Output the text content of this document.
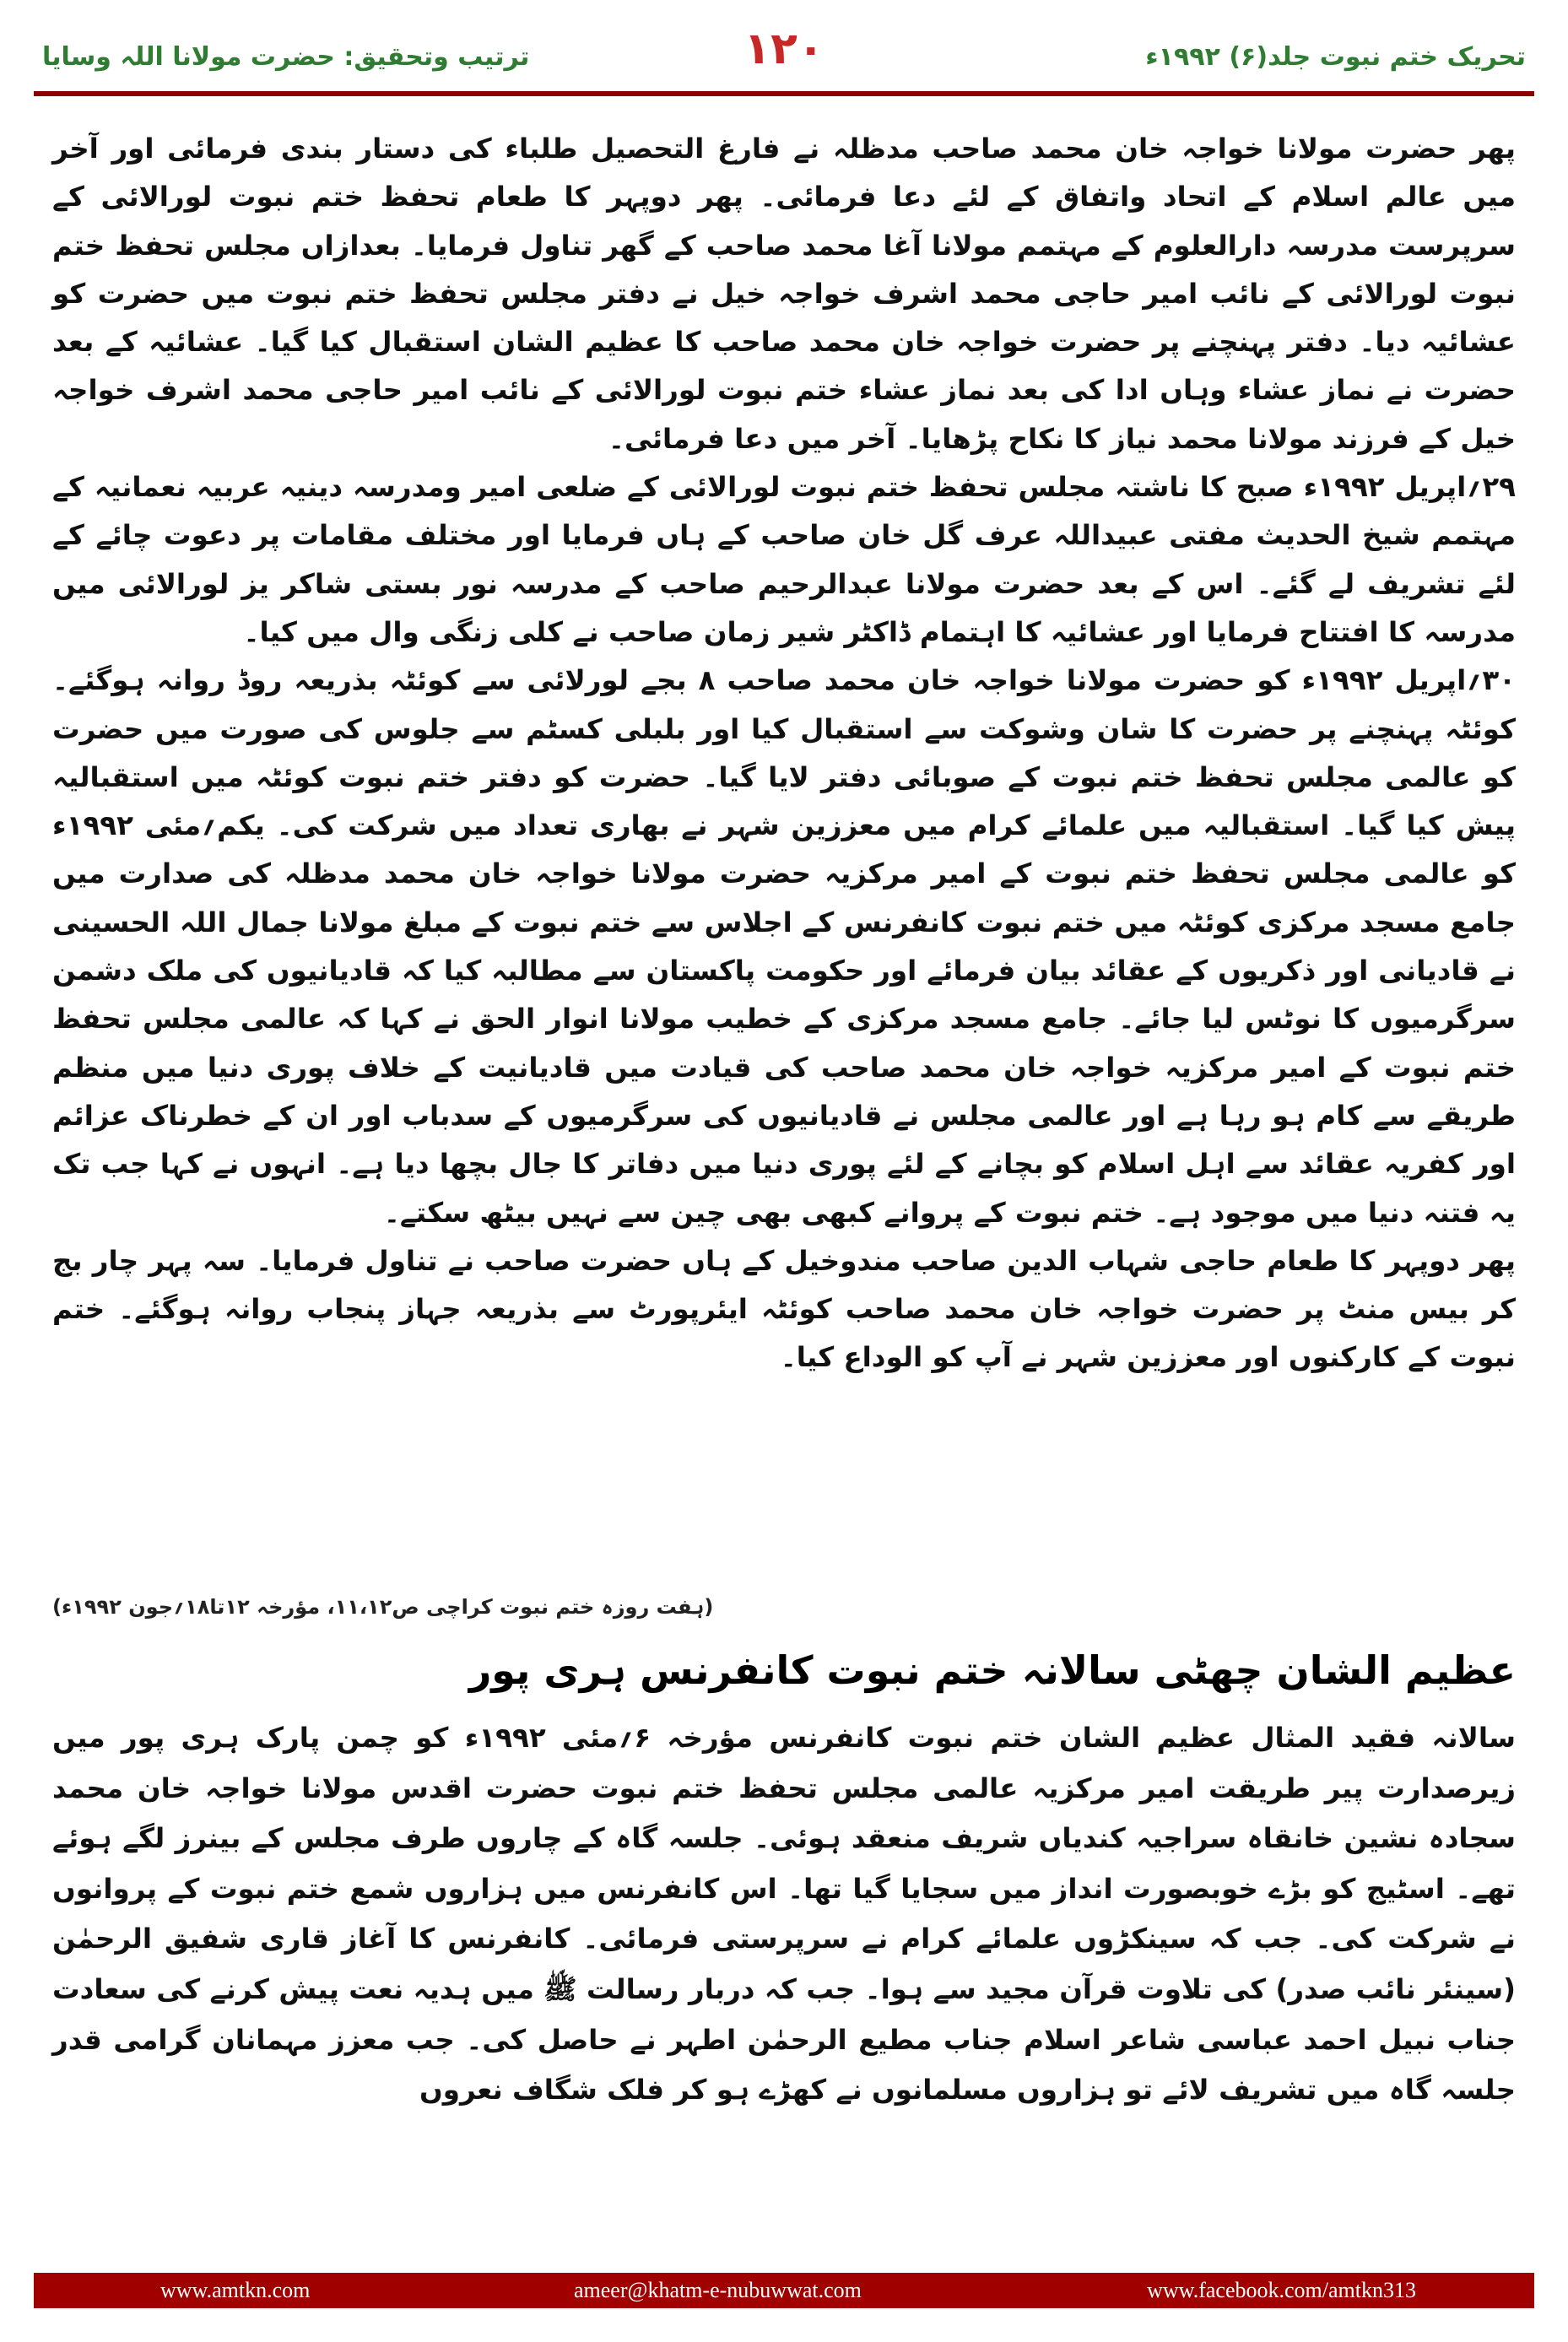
ترتیب وتحقیق: حضرت مولانا اللہ وسایا	۱۲۰	تحریک ختم نبوت جلد(۶) ۱۹۹۲ء

پھر حضرت مولانا خواجہ خان محمد صاحب مدظلہ نے فارغ التحصیل طلباء کی دستار بندی فرمائی اور آخر میں عالم اسلام کے اتحاد واتفاق کے لئے دعا فرمائی۔ پھر دوپہر کا طعام تحفظ ختم نبوت لورالائی کے سرپرست مدرسہ دارالعلوم کے مہتمم مولانا آغا محمد صاحب کے گھر تناول فرمایا۔ بعدازاں مجلس تحفظ ختم نبوت لورالائی کے نائب امیر حاجی محمد اشرف خواجہ خیل نے دفتر مجلس تحفظ ختم نبوت میں حضرت کو عشائیہ دیا۔ دفتر پہنچنے پر حضرت خواجہ خان محمد صاحب کا عظیم الشان استقبال کیا گیا۔ عشائیہ کے بعد حضرت نے نماز عشاء وہاں ادا کی بعد نماز عشاء ختم نبوت لورالائی کے نائب امیر حاجی محمد اشرف خواجہ خیل کے فرزند مولانا محمد نیاز کا نکاح پڑھایا۔ آخر میں دعا فرمائی۔

۲۹؍اپریل ۱۹۹۲ء صبح کا ناشتہ مجلس تحفظ ختم نبوت لورالائی کے ضلعی امیر ومدرسہ دینیہ عربیہ نعمانیہ کے مہتمم شیخ الحدیث مفتی عبیداللہ عرف گل خان صاحب کے ہاں فرمایا اور مختلف مقامات پر دعوت چائے کے لئے تشریف لے گئے۔ اس کے بعد حضرت مولانا عبدالرحیم صاحب کے مدرسہ نور بستی شاکر یز لورالائی میں مدرسہ کا افتتاح فرمایا اور عشائیہ کا اہتمام ڈاکٹر شیر زمان صاحب نے کلی زنگی وال میں کیا۔

۳۰؍اپریل ۱۹۹۲ء کو حضرت مولانا خواجہ خان محمد صاحب ۸ بجے لورلائی سے کوئٹہ بذریعہ روڈ روانہ ہوگئے۔ کوئٹہ پہنچنے پر حضرت کا شان وشوکت سے استقبال کیا اور بلبلی کسٹم سے جلوس کی صورت میں حضرت کو عالمی مجلس تحفظ ختم نبوت کے صوبائی دفتر لایا گیا۔ حضرت کو دفتر ختم نبوت کوئٹہ میں استقبالیہ پیش کیا گیا۔ استقبالیہ میں علمائے کرام میں معززین شہر نے بھاری تعداد میں شرکت کی۔ یکم؍مئی ۱۹۹۲ء کو عالمی مجلس تحفظ ختم نبوت کے امیر مرکزیہ حضرت مولانا خواجہ خان محمد مدظلہ کی صدارت میں جامع مسجد مرکزی کوئٹہ میں ختم نبوت کانفرنس کے اجلاس سے ختم نبوت کے مبلغ مولانا جمال اللہ الحسینی نے قادیانی اور ذکریوں کے عقائد بیان فرمائے اور حکومت پاکستان سے مطالبہ کیا کہ قادیانیوں کی ملک دشمن سرگرمیوں کا نوٹس لیا جائے۔ جامع مسجد مرکزی کے خطیب مولانا انوار الحق نے کہا کہ عالمی مجلس تحفظ ختم نبوت کے امیر مرکزیہ خواجہ خان محمد صاحب کی قیادت میں قادیانیت کے خلاف پوری دنیا میں منظم طریقے سے کام ہو رہا ہے اور عالمی مجلس نے قادیانیوں کی سرگرمیوں کے سدباب اور ان کے خطرناک عزائم اور کفریہ عقائد سے اہل اسلام کو بچانے کے لئے پوری دنیا میں دفاتر کا جال بچھا دیا ہے۔ انہوں نے کہا جب تک یہ فتنہ دنیا میں موجود ہے۔ ختم نبوت کے پروانے کبھی بھی چین سے نہیں بیٹھ سکتے۔

پھر دوپہر کا طعام حاجی شہاب الدین صاحب مندوخیل کے ہاں حضرت صاحب نے تناول فرمایا۔ سہ پہر چار بج کر بیس منٹ پر حضرت خواجہ خان محمد صاحب کوئٹہ ایئرپورٹ سے بذریعہ جہاز پنجاب روانہ ہوگئے۔ ختم نبوت کے کارکنوں اور معززین شہر نے آپ کو الوداع کیا۔

(ہفت روزہ ختم نبوت کراچی ص۱۱،۱۲، مؤرخہ ۱۲تا۱۸؍جون ۱۹۹۲ء)
عظیم الشان چھٹی سالانہ ختم نبوت کانفرنس ہری پور

سالانہ فقید المثال عظیم الشان ختم نبوت کانفرنس مؤرخہ ۶؍مئی ۱۹۹۲ء کو چمن پارک ہری پور میں زیرصدارت پیر طریقت امیر مرکزیہ عالمی مجلس تحفظ ختم نبوت حضرت اقدس مولانا خواجہ خان محمد سجادہ نشین خانقاہ سراجیہ کندیاں شریف منعقد ہوئی۔ جلسہ گاہ کے چاروں طرف مجلس کے بینرز لگے ہوئے تھے۔ اسٹیج کو بڑے خوبصورت انداز میں سجایا گیا تھا۔ اس کانفرنس میں ہزاروں شمع ختم نبوت کے پروانوں نے شرکت کی۔ جب کہ سینکڑوں علمائے کرام نے سرپرستی فرمائی۔ کانفرنس کا آغاز قاری شفیق الرحمٰن (سینئر نائب صدر) کی تلاوت قرآن مجید سے ہوا۔ جب کہ دربار رسالت ﷺ میں ہدیہ نعت پیش کرنے کی سعادت جناب نبیل احمد عباسی شاعر اسلام جناب مطیع الرحمٰن اطہر نے حاصل کی۔ جب معزز مہمانان گرامی قدر جلسہ گاہ میں تشریف لائے تو ہزاروں مسلمانوں نے کھڑے ہو کر فلک شگاف نعروں

www.amtkn.com	ameer@khatm-e-nubuwwat.com	www.facebook.com/amtkn313
